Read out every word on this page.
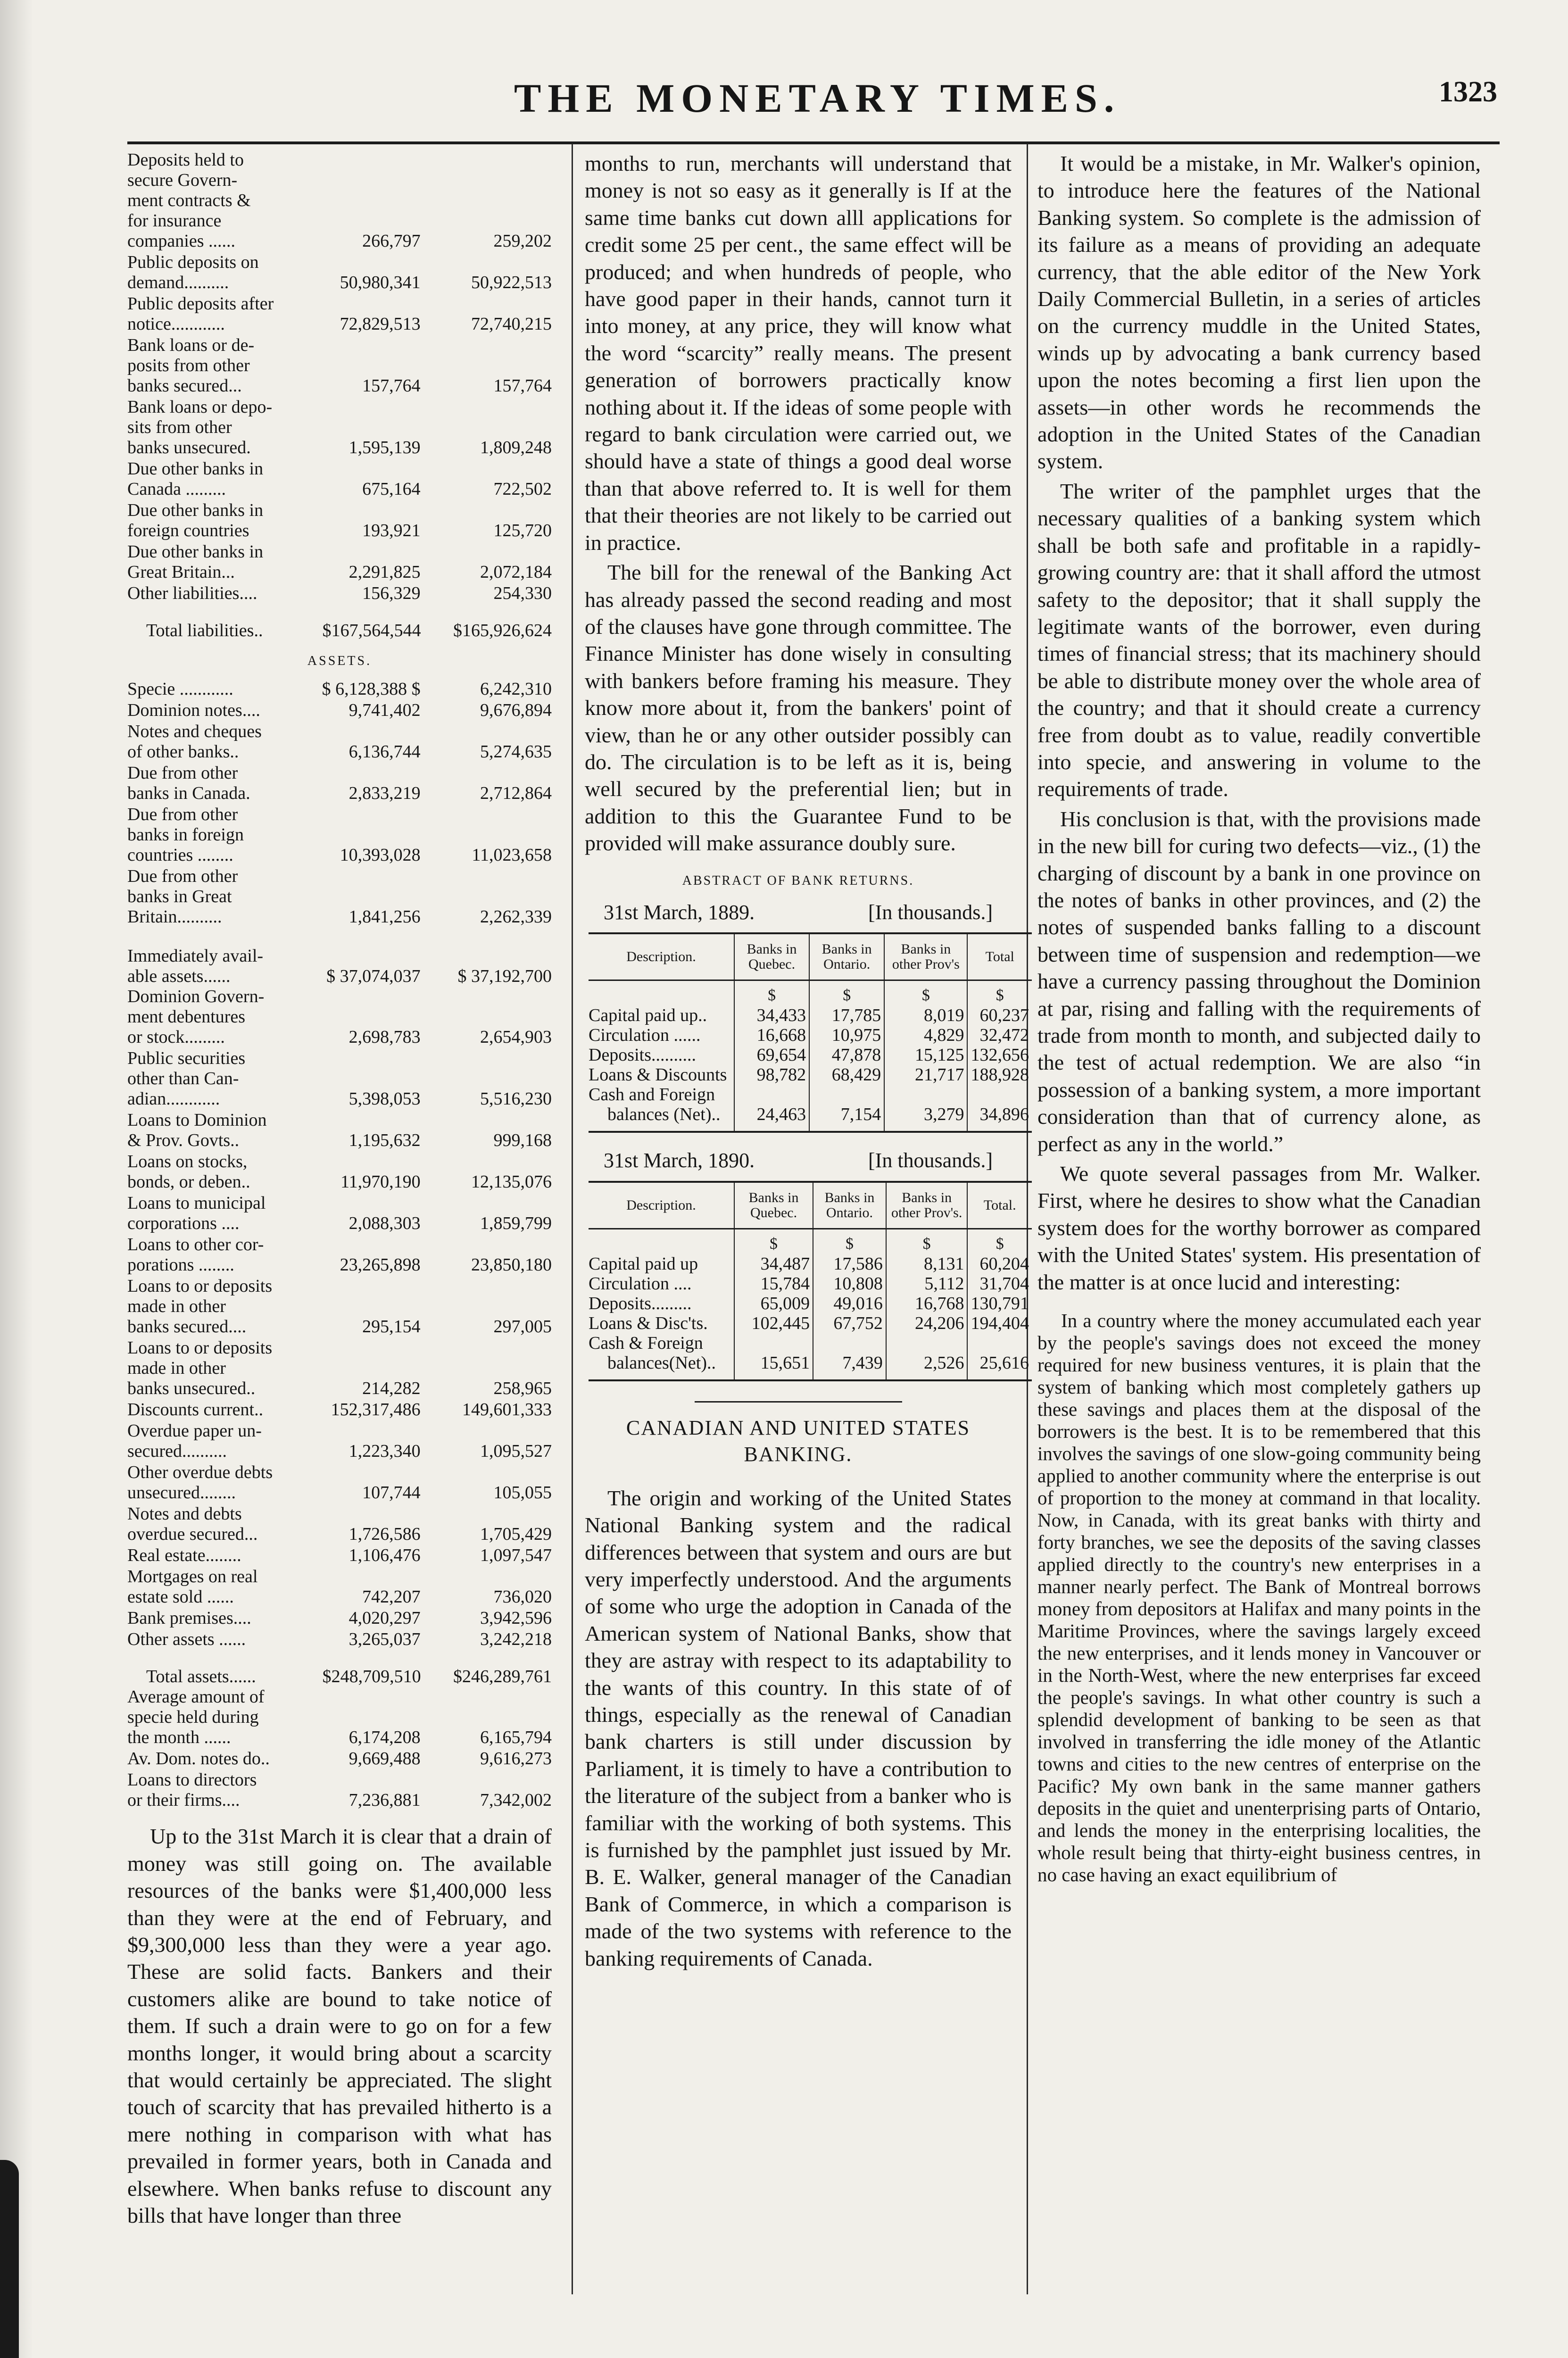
THE MONETARY TIMES.	1323
Deposits held to
secure Govern-
ment contracts &
for insurance
companies ......	266,797	259,202
Public deposits on
demand..........	50,980,341	50,922,513
Public deposits after
notice............	72,829,513	72,740,215
Bank loans or de-
posits from other
banks secured...	157,764	157,764
Bank loans or depo-
sits from other
banks unsecured.	1,595,139	1,809,248
Due other banks in
Canada .........	675,164	722,502
Due other banks in
foreign countries	193,921	125,720
Due other banks in
Great Britain...	2,291,825	2,072,184
Other liabilities....	156,329	254,330
Total liabilities..	$167,564,544	$165,926,624
ASSETS.
Specie ............	$ 6,128,388 $	6,242,310
Dominion notes....	9,741,402	9,676,894
Notes and cheques
of other banks..	6,136,744	5,274,635
Due from other
banks in Canada.	2,833,219	2,712,864
Due from other
banks in foreign
countries ........	10,393,028	11,023,658
Due from other
banks in Great
Britain..........	1,841,256	2,262,339
Immediately avail-
able assets......	$ 37,074,037	$ 37,192,700
Dominion Govern-
ment debentures
or stock.........	2,698,783	2,654,903
Public securities
other than Can-
adian............	5,398,053	5,516,230
Loans to Dominion
& Prov. Govts..	1,195,632	999,168
Loans on stocks,
bonds, or deben..	11,970,190	12,135,076
Loans to municipal
corporations ....	2,088,303	1,859,799
Loans to other cor-
porations ........	23,265,898	23,850,180
Loans to or deposits
made in other
banks secured....	295,154	297,005
Loans to or deposits
made in other
banks unsecured..	214,282	258,965
Discounts current..	152,317,486	149,601,333
Overdue paper un-
secured..........	1,223,340	1,095,527
Other overdue debts
unsecured........	107,744	105,055
Notes and debts
overdue secured...	1,726,586	1,705,429
Real estate........	1,106,476	1,097,547
Mortgages on real
estate sold ......	742,207	736,020
Bank premises....	4,020,297	3,942,596
Other assets ......	3,265,037	3,242,218
Total assets......	$248,709,510	$246,289,761
Average amount of
specie held during
the month ......	6,174,208	6,165,794
Av. Dom. notes do..	9,669,488	9,616,273
Loans to directors
or their firms....	7,236,881	7,342,002

Up to the 31st March it is clear that a drain of money was still going on. The available resources of the banks were $1,400,000 less than they were at the end of February, and $9,300,000 less than they were a year ago. These are solid facts. Bankers and their customers alike are bound to take notice of them. If such a drain were to go on for a few months longer, it would bring about a scarcity that would certainly be appreciated. The slight touch of scarcity that has prevailed hitherto is a mere nothing in comparison with what has prevailed in former years, both in Canada and elsewhere. When banks refuse to discount any bills that have longer than three

months to run, merchants will understand that money is not so easy as it generally is If at the same time banks cut down alll applications for credit some 25 per cent., the same effect will be produced; and when hundreds of people, who have good paper in their hands, cannot turn it into money, at any price, they will know what the word “scarcity” really means. The present generation of borrowers practically know nothing about it. If the ideas of some people with regard to bank circulation were carried out, we should have a state of things a good deal worse than that above referred to. It is well for them that their theories are not likely to be carried out in practice.

The bill for the renewal of the Banking Act has already passed the second reading and most of the clauses have gone through committee. The Finance Minister has done wisely in consulting with bankers before framing his measure. They know more about it, from the bankers' point of view, than he or any other outsider possibly can do. The circulation is to be left as it is, being well secured by the preferential lien; but in addition to this the Guarantee Fund to be provided will make assurance doubly sure.

ABSTRACT OF BANK RETURNS.
31st March, 1889.	[In thousands.]
Description.	Banks in Quebec.	Banks in Ontario.	Banks in other Prov's	Total
	$	$	$	$
Capital paid up..	34,433	17,785	8,019	60,237
Circulation ......	16,668	10,975	4,829	32,472
Deposits..........	69,654	47,878	15,125	132,656
Loans & Discounts	98,782	68,429	21,717	188,928
Cash and Foreign				
balances (Net)..	24,463	7,154	3,279	34,896
31st March, 1890.	[In thousands.]
Description.	Banks in Quebec.	Banks in Ontario.	Banks in other Prov's.	Total.
	$	$	$	$
Capital paid up	34,487	17,586	8,131	60,204
Circulation ....	15,784	10,808	5,112	31,704
Deposits.........	65,009	49,016	16,768	130,791
Loans & Disc'ts.	102,445	67,752	24,206	194,404
Cash & Foreign				
balances(Net)..	15,651	7,439	2,526	25,616
CANADIAN AND UNITED STATES BANKING.

The origin and working of the United States National Banking system and the radical differences between that system and ours are but very imperfectly understood. And the arguments of some who urge the adoption in Canada of the American system of National Banks, show that they are astray with respect to its adaptability to the wants of this country. In this state of of things, especially as the renewal of Canadian bank charters is still under discussion by Parliament, it is timely to have a contribution to the literature of the subject from a banker who is familiar with the working of both systems. This is furnished by the pamphlet just issued by Mr. B. E. Walker, general manager of the Canadian Bank of Commerce, in which a comparison is made of the two systems with reference to the banking requirements of Canada.

It would be a mistake, in Mr. Walker's opinion, to introduce here the features of the National Banking system. So complete is the admission of its failure as a means of providing an adequate currency, that the able editor of the New York Daily Commercial Bulletin, in a series of articles on the currency muddle in the United States, winds up by advocating a bank currency based upon the notes becoming a first lien upon the assets—in other words he recommends the adoption in the United States of the Canadian system.

The writer of the pamphlet urges that the necessary qualities of a banking system which shall be both safe and profitable in a rapidly-growing country are: that it shall afford the utmost safety to the depositor; that it shall supply the legitimate wants of the borrower, even during times of financial stress; that its machinery should be able to distribute money over the whole area of the country; and that it should create a currency free from doubt as to value, readily convertible into specie, and answering in volume to the requirements of trade.

His conclusion is that, with the provisions made in the new bill for curing two defects—viz., (1) the charging of discount by a bank in one province on the notes of banks in other provinces, and (2) the notes of suspended banks falling to a discount between time of suspension and redemption—we have a currency passing throughout the Dominion at par, rising and falling with the requirements of trade from month to month, and subjected daily to the test of actual redemption. We are also “in possession of a banking system, a more important consideration than that of currency alone, as perfect as any in the world.”

We quote several passages from Mr. Walker. First, where he desires to show what the Canadian system does for the worthy borrower as compared with the United States' system. His presentation of the matter is at once lucid and interesting:

In a country where the money accumulated each year by the people's savings does not exceed the money required for new business ventures, it is plain that the system of banking which most completely gathers up these savings and places them at the disposal of the borrowers is the best. It is to be remembered that this involves the savings of one slow-going community being applied to another community where the enterprise is out of proportion to the money at command in that locality. Now, in Canada, with its great banks with thirty and forty branches, we see the deposits of the saving classes applied directly to the country's new enterprises in a manner nearly perfect. The Bank of Montreal borrows money from depositors at Halifax and many points in the Maritime Provinces, where the savings largely exceed the new enterprises, and it lends money in Vancouver or in the North-West, where the new enterprises far exceed the people's savings. In what other country is such a splendid development of banking to be seen as that involved in transferring the idle money of the Atlantic towns and cities to the new centres of enterprise on the Pacific? My own bank in the same manner gathers deposits in the quiet and unenterprising parts of Ontario, and lends the money in the enterprising localities, the whole result being that thirty-eight business centres, in no case having an exact equilibrium of
